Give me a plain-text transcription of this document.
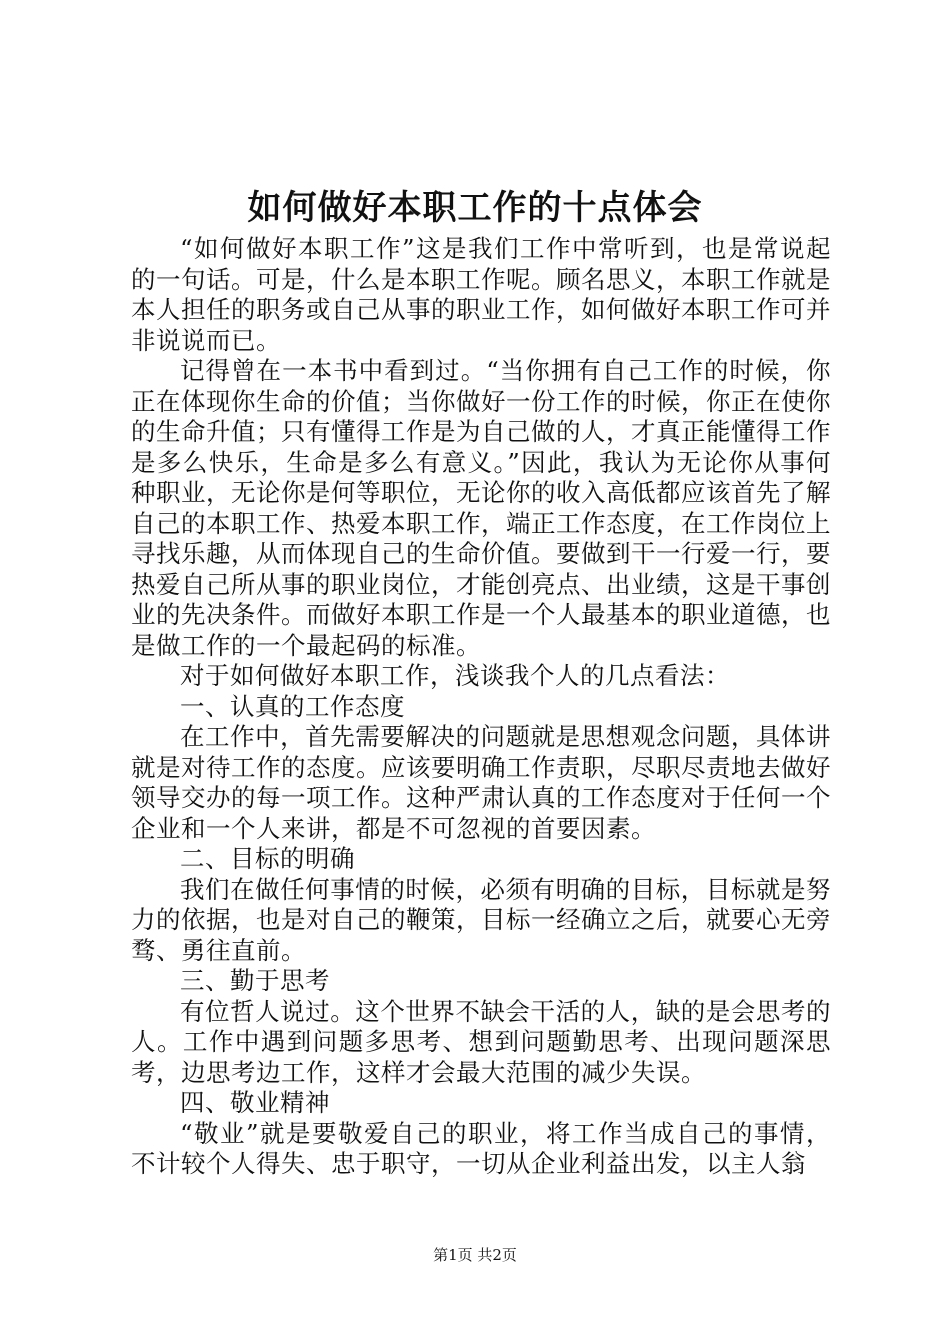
如何做好本职工作的十点体会

“如何做好本职工作”这是我们工作中常听到，也是常说起的一句话。可是，什么是本职工作呢。顾名思义，本职工作就是本人担任的职务或自己从事的职业工作，如何做好本职工作可并非说说而已。

记得曾在一本书中看到过。“当你拥有自己工作的时候，你正在体现你生命的价值；当你做好一份工作的时候，你正在使你的生命升值；只有懂得工作是为自己做的人，才真正能懂得工作是多么快乐，生命是多么有意义。”因此，我认为无论你从事何种职业，无论你是何等职位，无论你的收入高低都应该首先了解自己的本职工作、热爱本职工作，端正工作态度，在工作岗位上寻找乐趣，从而体现自己的生命价值。要做到干一行爱一行，要热爱自己所从事的职业岗位，才能创亮点、出业绩，这是干事创业的先决条件。而做好本职工作是一个人最基本的职业道德，也是做工作的一个最起码的标准。

对于如何做好本职工作，浅谈我个人的几点看法：

一、认真的工作态度

在工作中，首先需要解决的问题就是思想观念问题，具体讲就是对待工作的态度。应该要明确工作责职，尽职尽责地去做好领导交办的每一项工作。这种严肃认真的工作态度对于任何一个企业和一个人来讲，都是不可忽视的首要因素。

二、目标的明确

我们在做任何事情的时候，必须有明确的目标，目标就是努力的依据，也是对自己的鞭策，目标一经确立之后，就要心无旁骛、勇往直前。

三、勤于思考

有位哲人说过。这个世界不缺会干活的人，缺的是会思考的人。工作中遇到问题多思考、想到问题勤思考、出现问题深思考，边思考边工作，这样才会最大范围的减少失误。

四、敬业精神

“敬业”就是要敬爱自己的职业，将工作当成自己的事情，不计较个人得失、忠于职守，一切从企业利益出发，以主人翁

第1页 共2页
